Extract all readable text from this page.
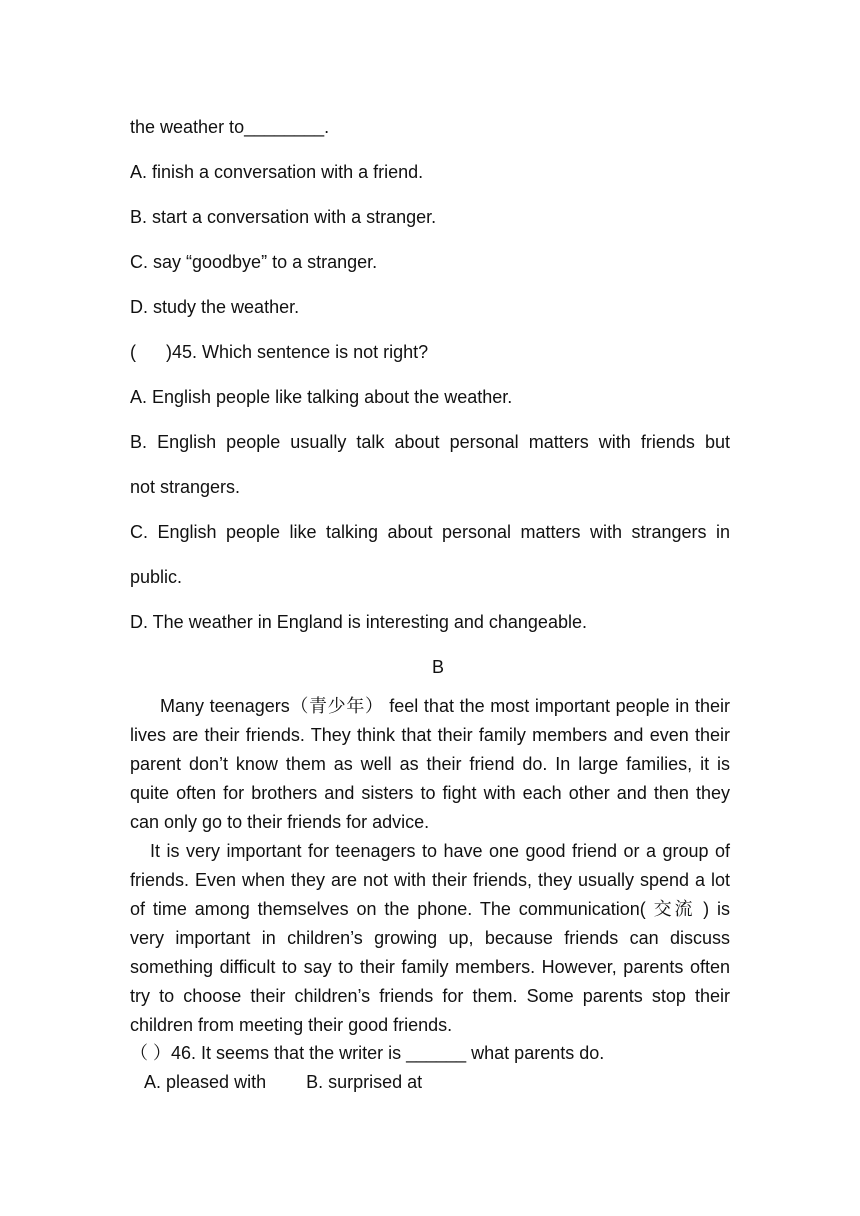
the weather to________.
A. finish a conversation with a friend.
B. start a conversation with a stranger.
C. say “goodbye” to a stranger.
D. study the weather.
(      )45. Which sentence is not right?
A. English people like talking about the weather.
B. English people usually talk about personal matters with friends but
not strangers.
C. English people like talking about personal matters with strangers in
public.
D. The weather in England is interesting and changeable.
B

Many teenagers（青少年） feel that the most important people in their lives are their friends. They think that their family members and even their parent don’t know them as well as their friend do. In large families, it is quite often for brothers and sisters to fight with each other and then they can only go to their friends for advice.

It is very important for teenagers to have one good friend or a group of friends. Even when they are not with their friends, they usually spend a lot of time among themselves on the phone. The communication( 交流 ) is very important in children’s growing up, because friends can discuss something difficult to say to their family members. However, parents often try to choose their children’s friends for them. Some parents stop their children from meeting their good friends.

（ ）46. It seems that the writer is ______ what parents do.
A. pleased with        B. surprised at
